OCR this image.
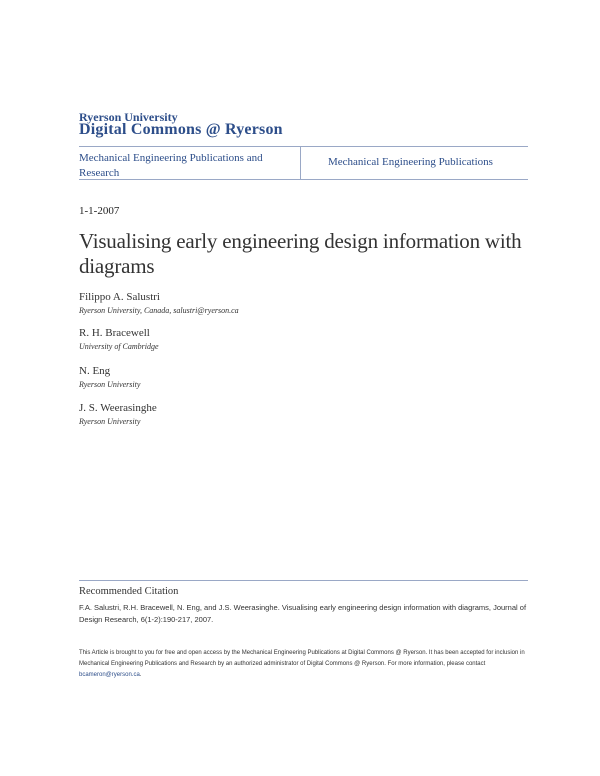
Ryerson University
Digital Commons @ Ryerson
Mechanical Engineering Publications and Research
Mechanical Engineering Publications
1-1-2007
Visualising early engineering design information with diagrams
Filippo A. Salustri
Ryerson University, Canada, salustri@ryerson.ca
R. H. Bracewell
University of Cambridge
N. Eng
Ryerson University
J. S. Weerasinghe
Ryerson University
Recommended Citation
F.A. Salustri, R.H. Bracewell, N. Eng, and J.S. Weerasinghe. Visualising early engineering design information with diagrams, Journal of Design Research, 6(1-2):190-217, 2007.
This Article is brought to you for free and open access by the Mechanical Engineering Publications at Digital Commons @ Ryerson. It has been accepted for inclusion in Mechanical Engineering Publications and Research by an authorized administrator of Digital Commons @ Ryerson. For more information, please contact bcameron@ryerson.ca.
